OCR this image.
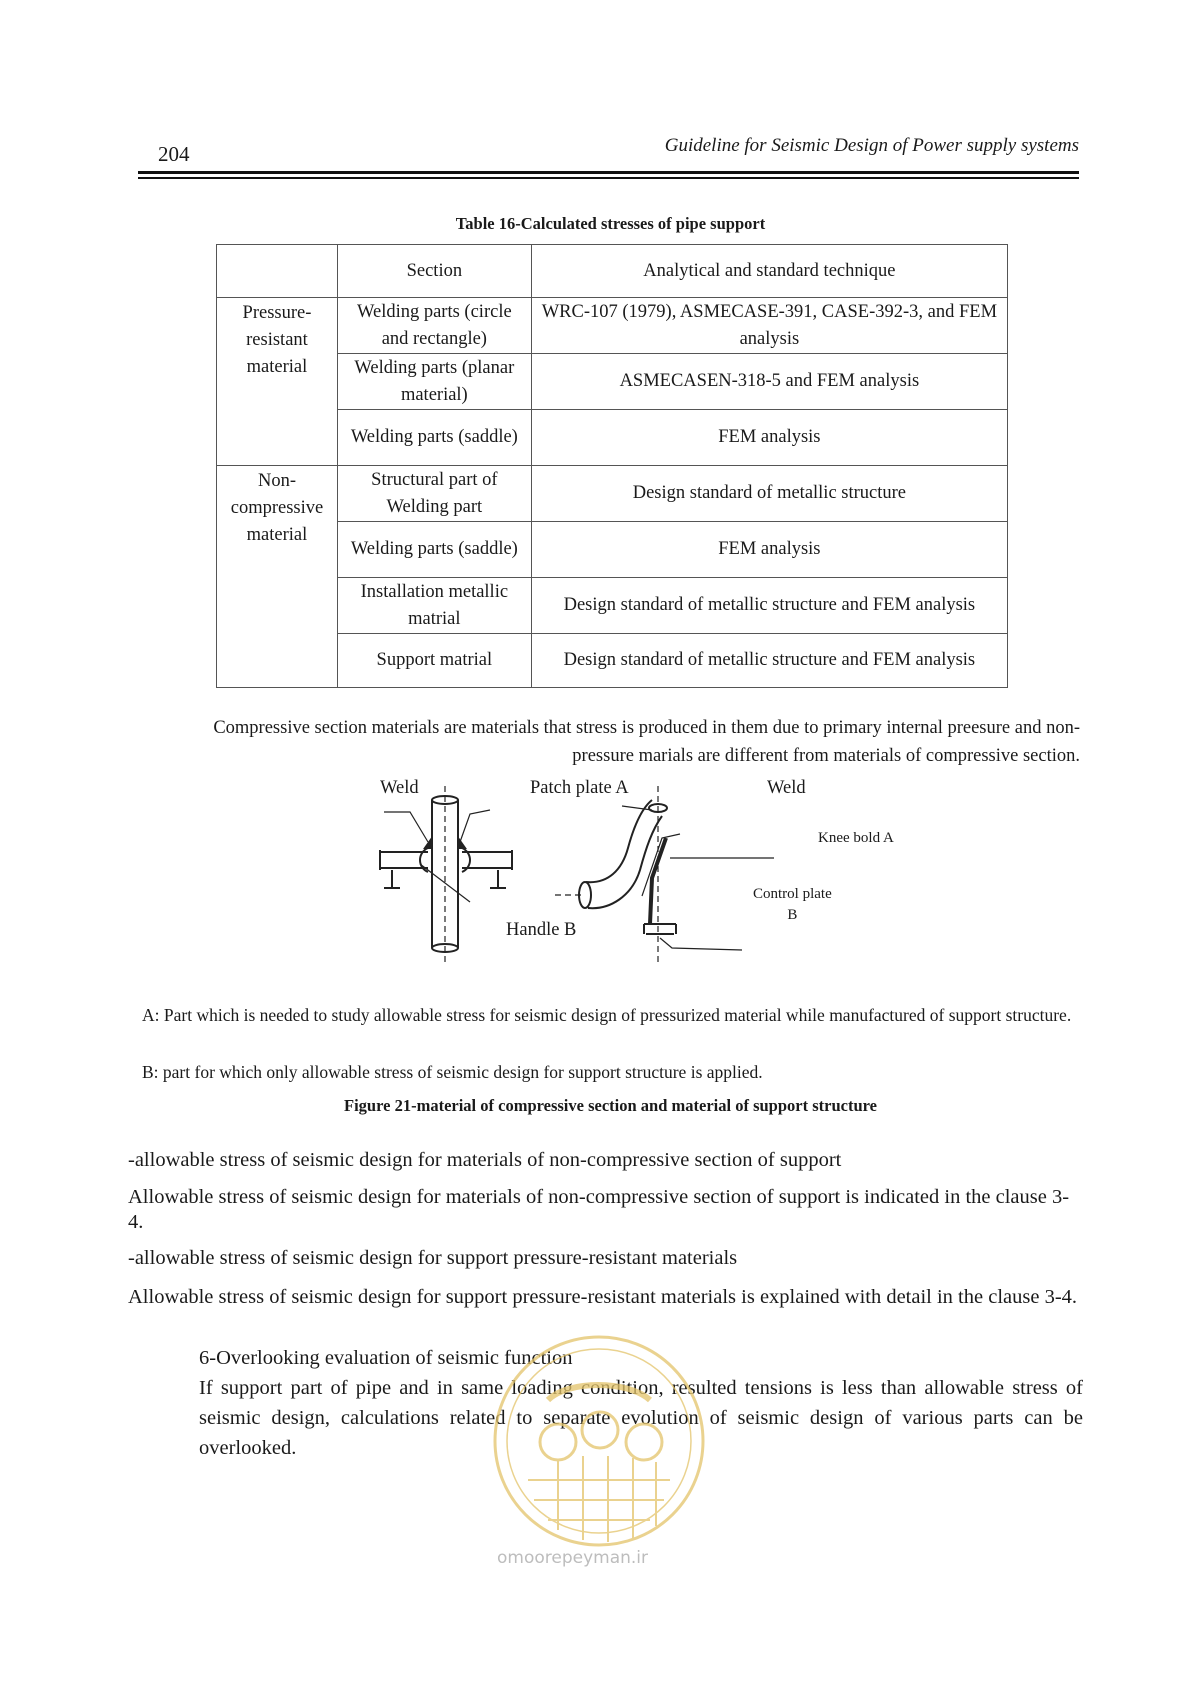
204	Guideline for Seismic Design of Power supply systems
Table 16-Calculated stresses of pipe support
	Section	Analytical and standard technique
Pressure-resistant material	Welding parts (circle and rectangle)	WRC-107 (1979), ASMECASE-391, CASE-392-3, and FEM analysis
	Welding parts (planar material)	ASMECASEN-318-5 and FEM analysis
	Welding parts (saddle)	FEM analysis
Non-compressive material	Structural part of Welding part	Design standard of metallic structure
	Welding parts (saddle)	FEM analysis
	Installation metallic matrial	Design standard of metallic structure and FEM analysis
	Support matrial	Design standard of metallic structure and FEM analysis
Compressive section materials are materials that stress is produced in them due to primary internal preesure and non-pressure marials are different from materials of compressive section.
Weld	Patch plate A	Weld
Knee bold A
Control plate
B
Handle B
A: Part which is needed to study allowable stress for seismic design of pressurized material while manufactured of support structure.
B: part for which only allowable stress of seismic design for support structure is applied.
Figure 21-material of compressive section and material of support structure
-allowable stress of seismic design for materials of non-compressive section of support
Allowable stress of seismic design for materials of non-compressive section of support is indicated in the clause 3-4.
-allowable stress of seismic design for support pressure-resistant materials
Allowable stress of seismic design for support pressure-resistant materials is explained with detail in the clause 3-4.
6-Overlooking evaluation of seismic function
If support part of pipe and in same loading condition, resulted tensions is less than allowable stress of seismic design, calculations related to separate evolution of seismic design of various parts can be overlooked.
omoorepeyman.ir
